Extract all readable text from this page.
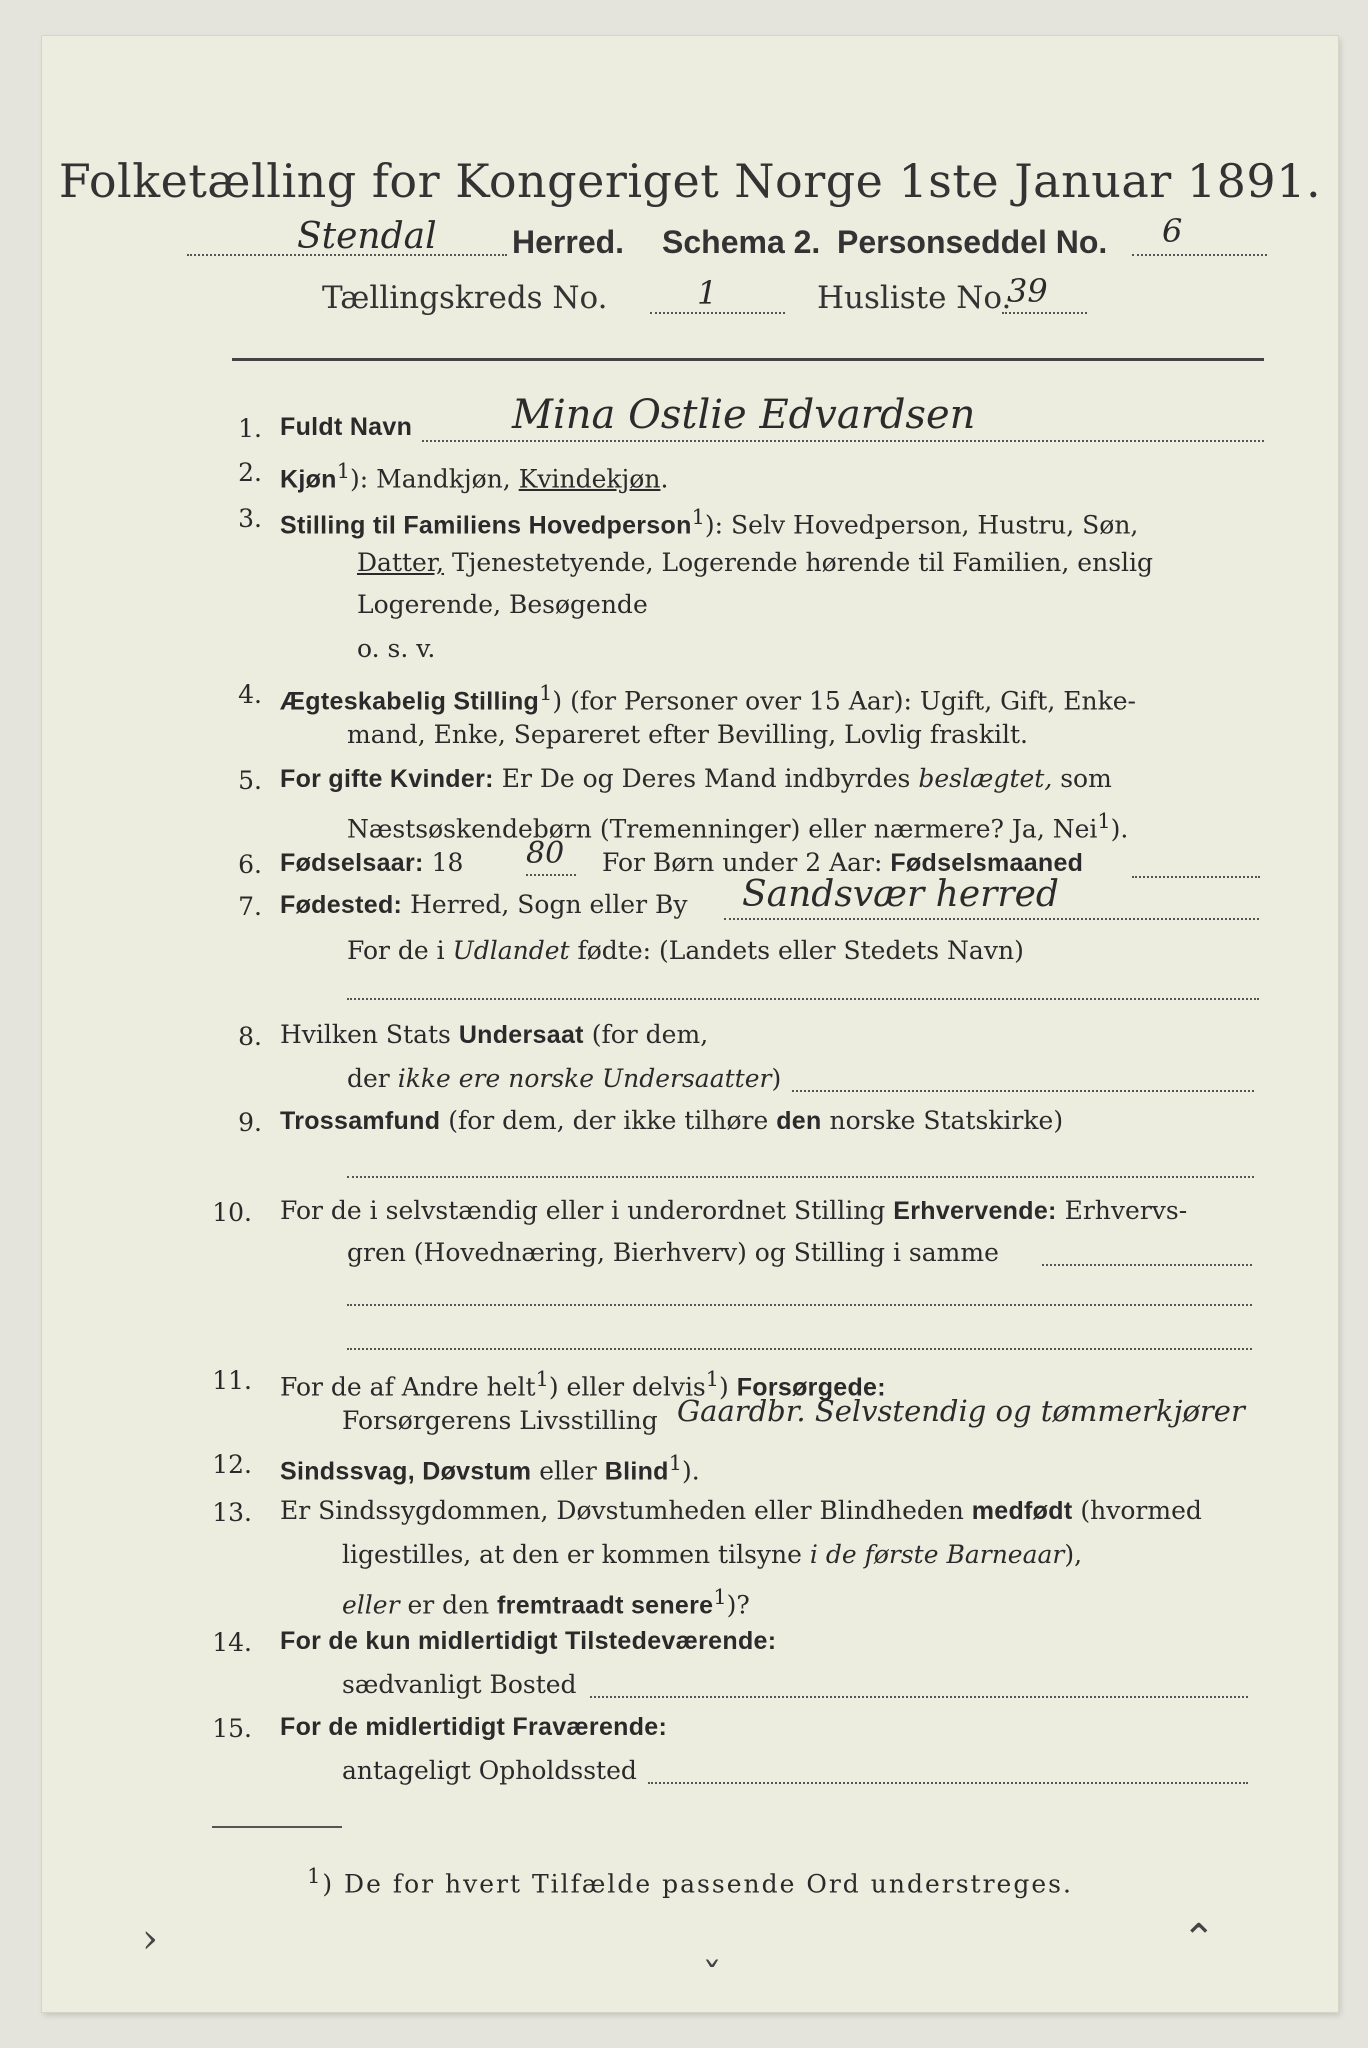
Folketælling for Kongeriget Norge 1ste Januar 1891.
Stendal Herred. Schema 2. Personseddel No. 6
Tællingskreds No.	1	Husliste No.
39
1. Fuldt Navn Mina Ostlie Edvardsen
2. Kjøn$^1$): Mandkjøn, Kvindekjøn.
3. Stilling til Familiens Hovedperson$^1$): Selv Hovedperson, Hustru, Søn,
Datter, Tjenestetyende, Logerende hørende til Familien, enslig
Logerende, Besøgende
o. s. v.
4. Ægteskabelig Stilling$^1$) (for Personer over 15 Aar): Ugift, Gift, Enke-
mand, Enke, Separeret efter Bevilling, Lovlig fraskilt.
5. For gifte Kvinder: Er De og Deres Mand indbyrdes beslægtet, som
Næstsøskendebørn (Tremenninger) eller nærmere? Ja, Nei$^1$).
6. Fødselsaar: 18 80 For Børn under 2 Aar: Fødselsmaaned
7. Fødested: Herred, Sogn eller By Sandsvær herred
For de i Udlandet fødte: (Landets eller Stedets Navn)
8. Hvilken Stats Undersaat (for dem,
der ikke ere norske Undersaatter)
9. Trossamfund (for dem, der ikke tilhøre den norske Statskirke)
10. For de i selvstændig eller i underordnet Stilling Erhvervende: Erhvervs-
gren (Hovednæring, Bierhverv) og Stilling i samme
11. For de af Andre helt$^1$) eller delvis$^1$) Forsørgede:
Forsørgerens Livsstilling Gaardbr. Selvstendig og tømmerkjører
12. Sindssvag, Døvstum eller Blind$^1$).
13. Er Sindssygdommen, Døvstumheden eller Blindheden medfødt (hvormed
ligestilles, at den er kommen tilsyne i de første Barneaar),
eller er den fremtraadt senere$^1$)?
14. For de kun midlertidigt Tilstedeværende:
sædvanligt Bosted
15. For de midlertidigt Fraværende:
antageligt Opholdssted
$^1$) De for hvert Tilfælde passende Ord understreges.
›
ˇ
⌃
